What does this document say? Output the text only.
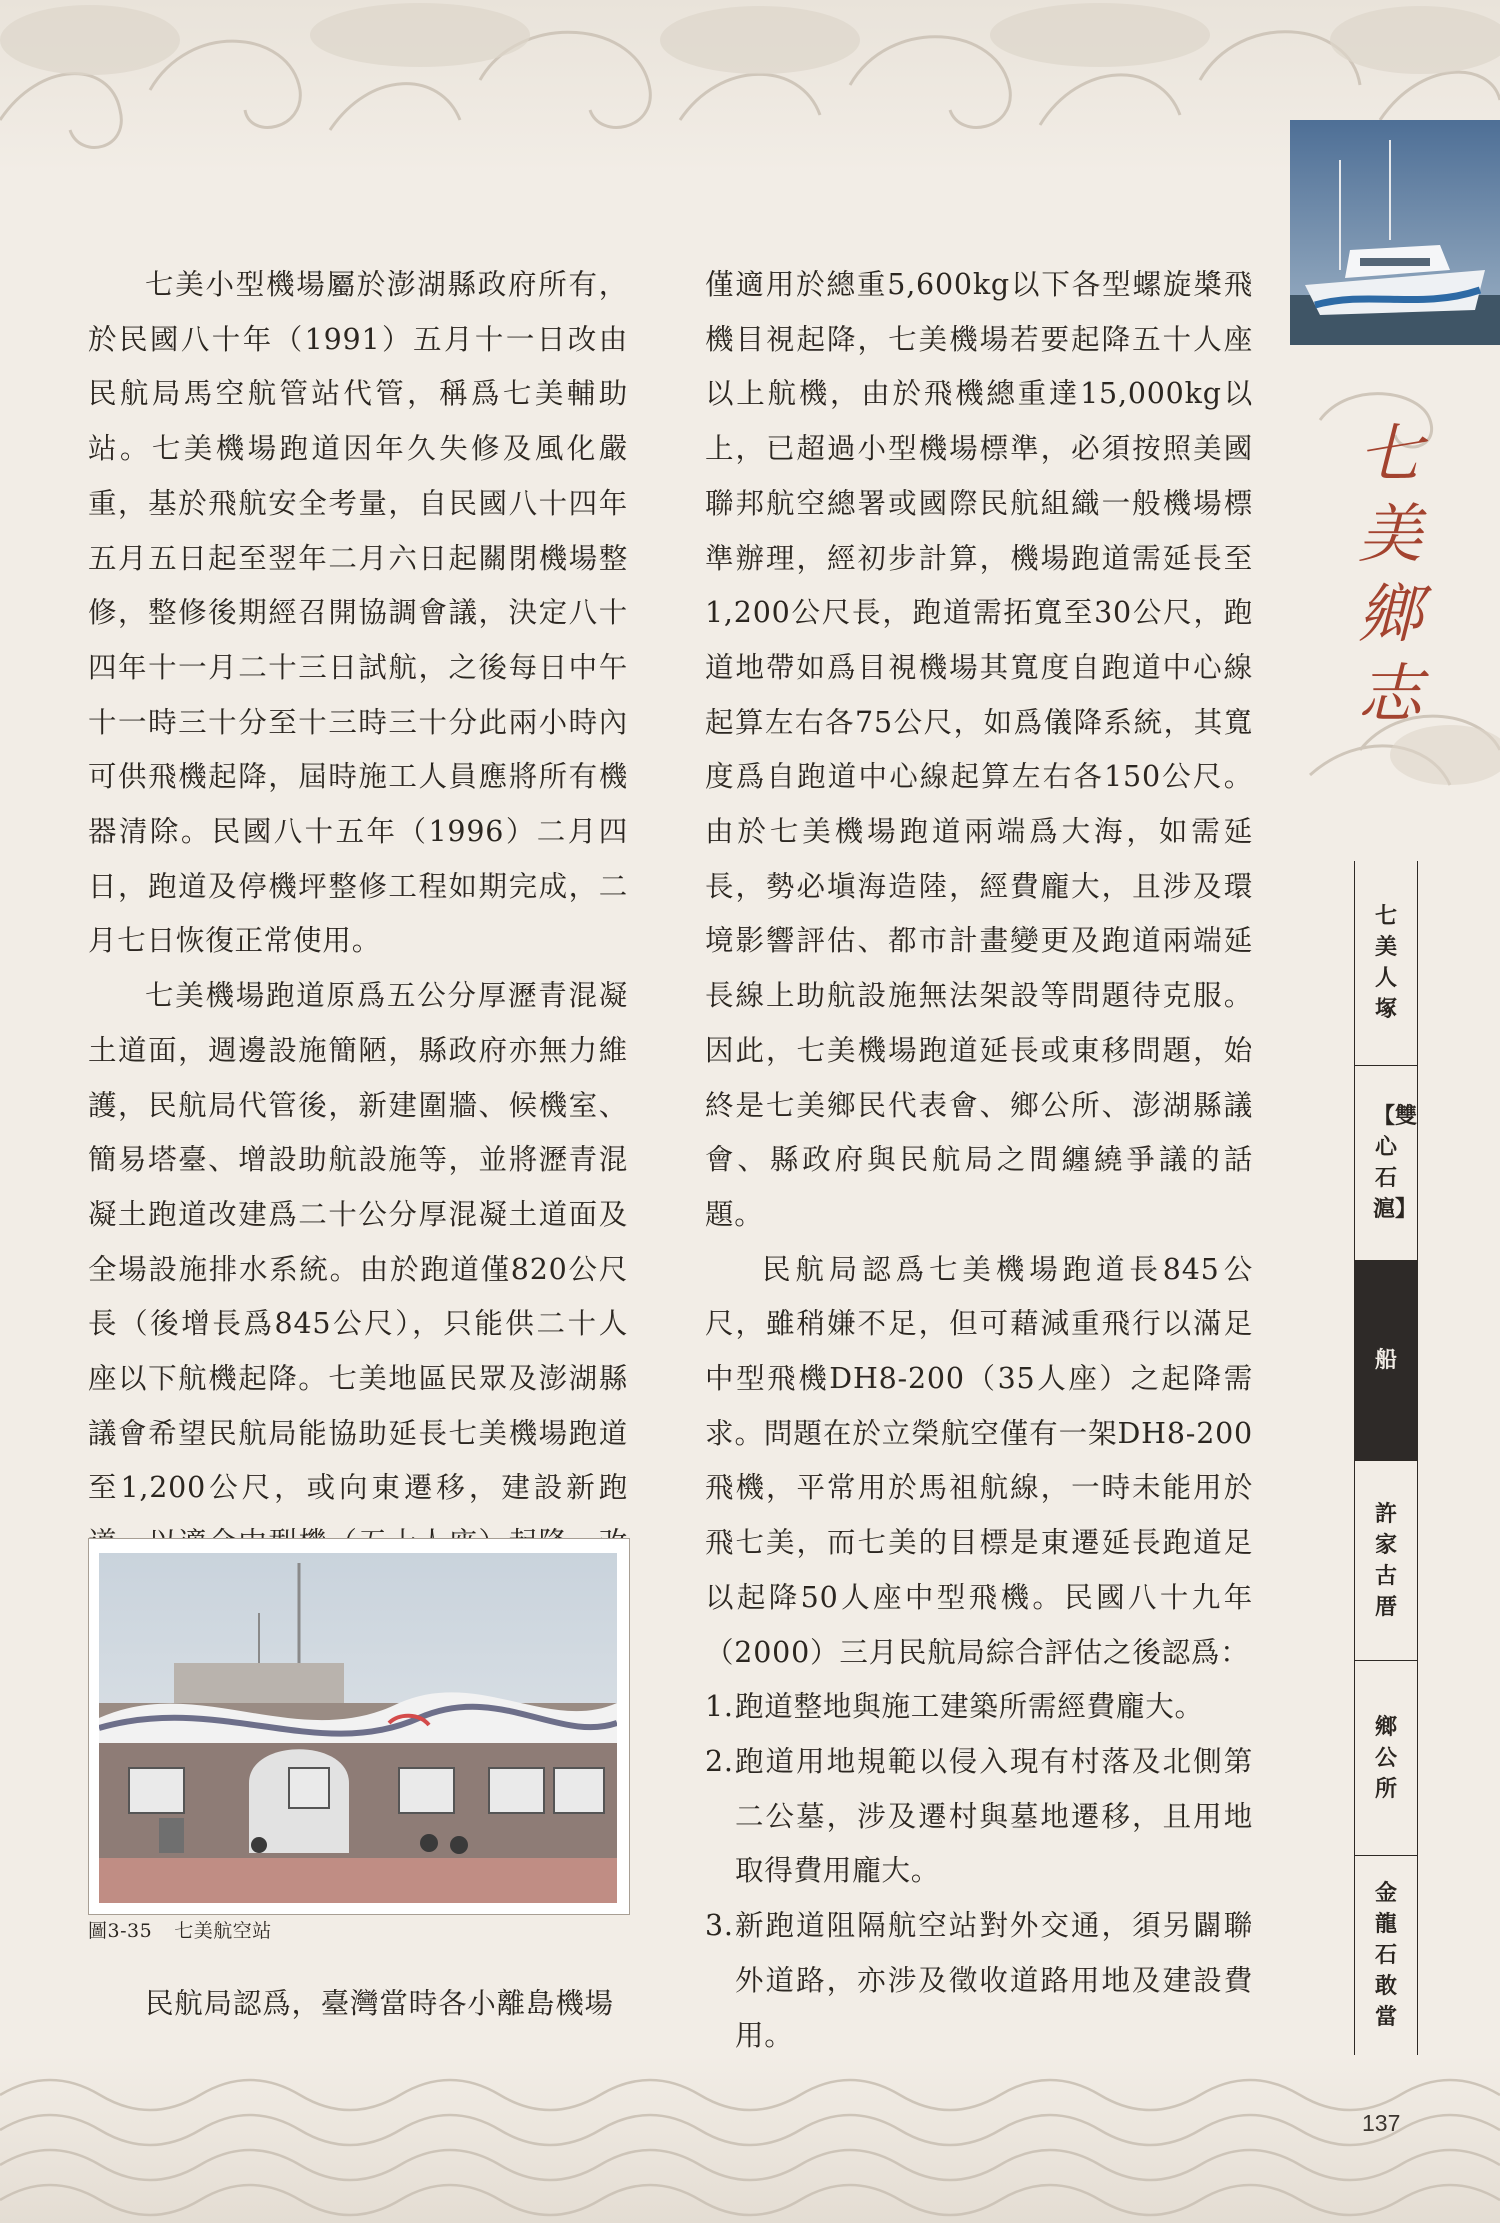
七美小型機場屬於澎湖縣政府所有，於民國八十年（1991）五月十一日改由民航局馬空航管站代管，稱爲七美輔助站。七美機場跑道因年久失修及風化嚴重，基於飛航安全考量，自民國八十四年五月五日起至翌年二月六日起關閉機場整修，整修後期經召開協調會議，決定八十四年十一月二十三日試航，之後每日中午十一時三十分至十三時三十分此兩小時內可供飛機起降，屆時施工人員應將所有機器清除。民國八十五年（1996）二月四日，跑道及停機坪整修工程如期完成，二月七日恢復正常使用。

七美機場跑道原爲五公分厚瀝青混凝土道面，週邊設施簡陋，縣政府亦無力維護，民航局代管後，新建圍牆、候機室、簡易塔臺、增設助航設施等，並將瀝青混凝土跑道改建爲二十公分厚混凝土道面及全場設施排水系統。由於跑道僅820公尺長（後增長爲845公尺），只能供二十人座以下航機起降。七美地區民眾及澎湖縣議會希望民航局能協助延長七美機場跑道至1,200公尺，或向東遷移，建設新跑

圖3-35 七美航空站

民航局認爲，臺灣當時各小離島機場

僅適用於總重5,600kg以下各型螺旋槳飛機目視起降，七美機場若要起降五十人座以上航機，由於飛機總重達15,000kg以上，已超過小型機場標準，必須按照美國聯邦航空總署或國際民航組織一般機場標準辦理，經初步計算，機場跑道需延長至1,200公尺長，跑道需拓寬至30公尺，跑道地帶如爲目視機場其寬度自跑道中心線起算左右各75公尺，如爲儀降系統，其寬度爲自跑道中心線起算左右各150公尺。由於七美機場跑道兩端爲大海，如需延長，勢必塡海造陸，經費龐大，且涉及環境影響評估、都市計畫變更及跑道兩端延長線上助航設施無法架設等問題待克服。因此，七美機場跑道延長或東移問題，始終是七美鄉民代表會、鄉公所、澎湖縣議會、縣政府與民航局之間纏繞爭議的話題。

民航局認爲七美機場跑道長845公尺，雖稍嫌不足，但可藉減重飛行以滿足中型飛機DH8-200（35人座）之起降需求。問題在於立榮航空僅有一架DH8-200飛機，平常用於馬祖航線，一時未能用於飛七美，而七美的目標是東遷延長跑道足以起降50人座中型飛機。民國八十九年（2000）三月民航局綜合評估之後認爲：

1. 跑道整地與施工建築所需經費龐大。
2. 跑道用地規範以侵入現有村落及北側第二公墓，涉及遷村與墓地遷移，且用地取得費用龐大。
3. 新跑道阻隔航空站對外交通，須另闢聯外道路，亦涉及徵收道路用地及建設費用。
七
美
鄉
志
七美人塚
【雙心石滬】
船
許家古厝
鄉公所
金龍石敢當
137
